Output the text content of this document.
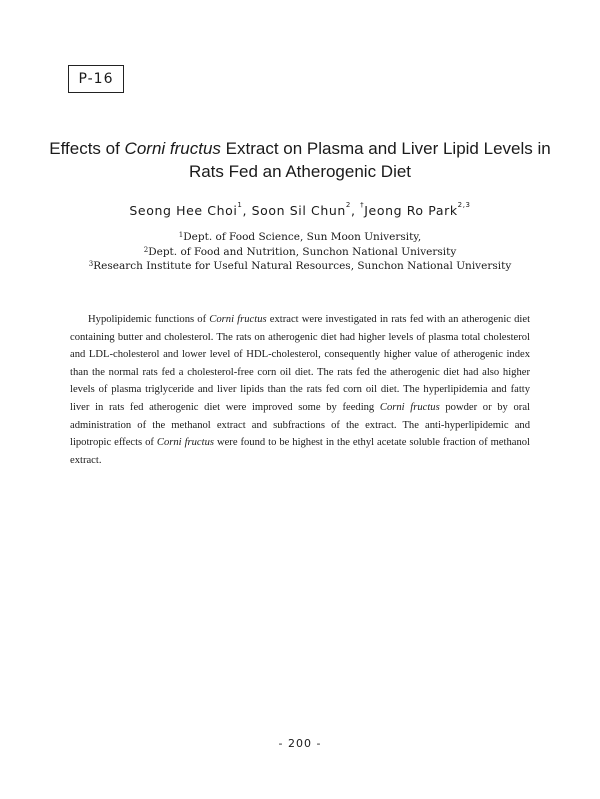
P-16
Effects of Corni fructus Extract on Plasma and Liver Lipid Levels in
Rats Fed an Atherogenic Diet
Seong Hee Choi$^1$, Soon Sil Chun$^2$, †Jeong Ro Park$^{2,3}$
$^1$Dept. of Food Science, Sun Moon University,
$^2$Dept. of Food and Nutrition, Sunchon National University
$^3$Research Institute for Useful Natural Resources, Sunchon National University
Hypolipidemic functions of Corni fructus extract were investigated in rats fed with an atherogenic diet containing butter and cholesterol. The rats on atherogenic diet had higher levels of plasma total cholesterol and LDL-cholesterol and lower level of HDL-cholesterol, consequently higher value of atherogenic index than the normal rats fed a cholesterol-free corn oil diet. The rats fed the atherogenic diet had also higher levels of plasma triglyceride and liver lipids than the rats fed corn oil diet. The hyperlipidemia and fatty liver in rats fed atherogenic diet were improved some by feeding Corni fructus powder or by oral administration of the methanol extract and subfractions of the extract. The anti-hyperlipidemic and lipotropic effects of Corni fructus were found to be highest in the ethyl acetate soluble fraction of methanol extract.
- 200 -
